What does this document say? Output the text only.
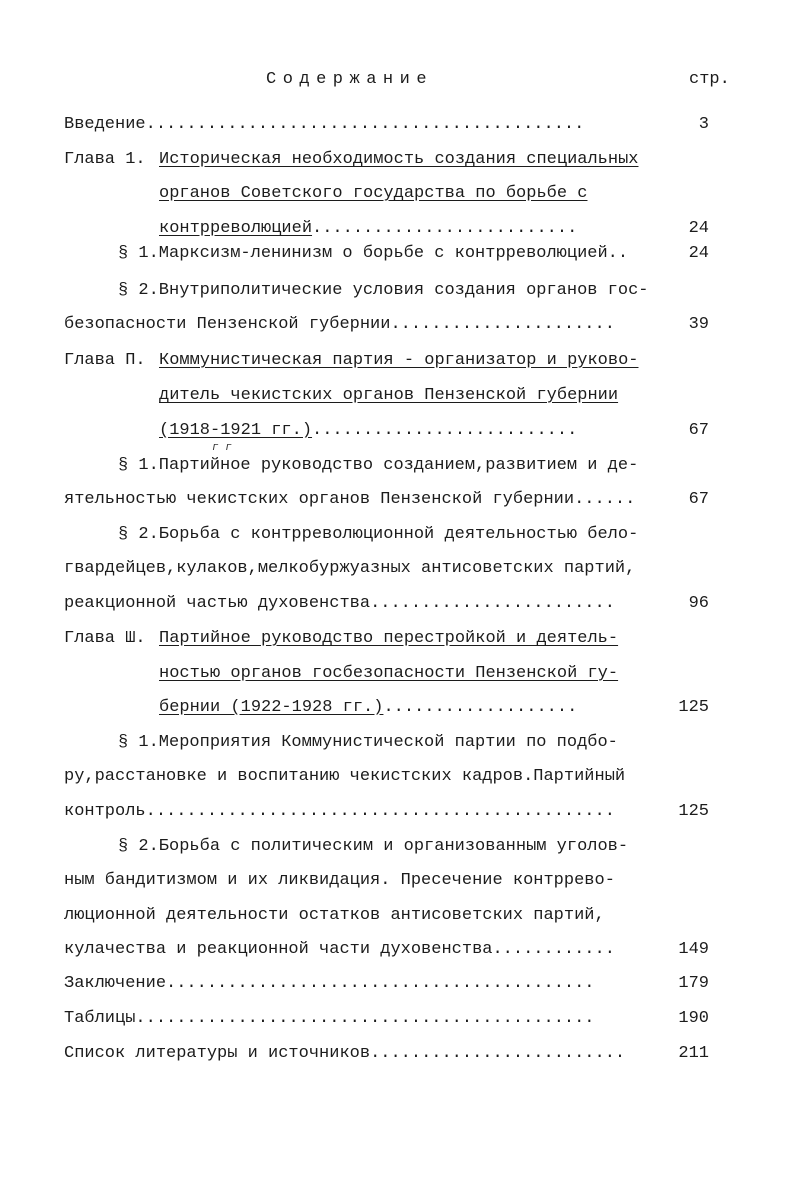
Содержание	стр.
Введение...........................................	3
Глава 1. Историческая необходимость создания специальных
органов Советского государства по борьбе с
контрреволюцией..........................	24
§ 1.Марксизм-ленинизм о борьбе с контрреволюцией..	24
§ 2.Внутриполитические условия создания органов гос-
безопасности Пензенской губернии......................	39
Глава П. Коммунистическая партия - организатор и руково-
дитель чекистских органов Пензенской губернии
(1918-1921 гг.)..........................	67
г г
§ 1.Партийное руководство созданием,развитием и де-
ятельностью чекистских органов Пензенской губернии......	67
§ 2.Борьба с контрреволюционной деятельностью бело-
гвардейцев,кулаков,мелкобуржуазных антисоветских партий,
реакционной частью духовенства........................	96
Глава Ш. Партийное руководство перестройкой и деятель-
ностью органов госбезопасности Пензенской гу-
бернии (1922-1928 гг.)...................	125
§ 1.Мероприятия Коммунистической партии по подбо-
ру,расстановке и воспитанию чекистских кадров.Партийный
контроль..............................................	125
§ 2.Борьба с политическим и организованным уголов-
ным бандитизмом и их ликвидация. Пресечение контррево-
люционной деятельности остатков антисоветских партий,
кулачества и реакционной части духовенства............	149
Заключение..........................................	179
Таблицы.............................................	190
Список литературы и источников.........................	211
